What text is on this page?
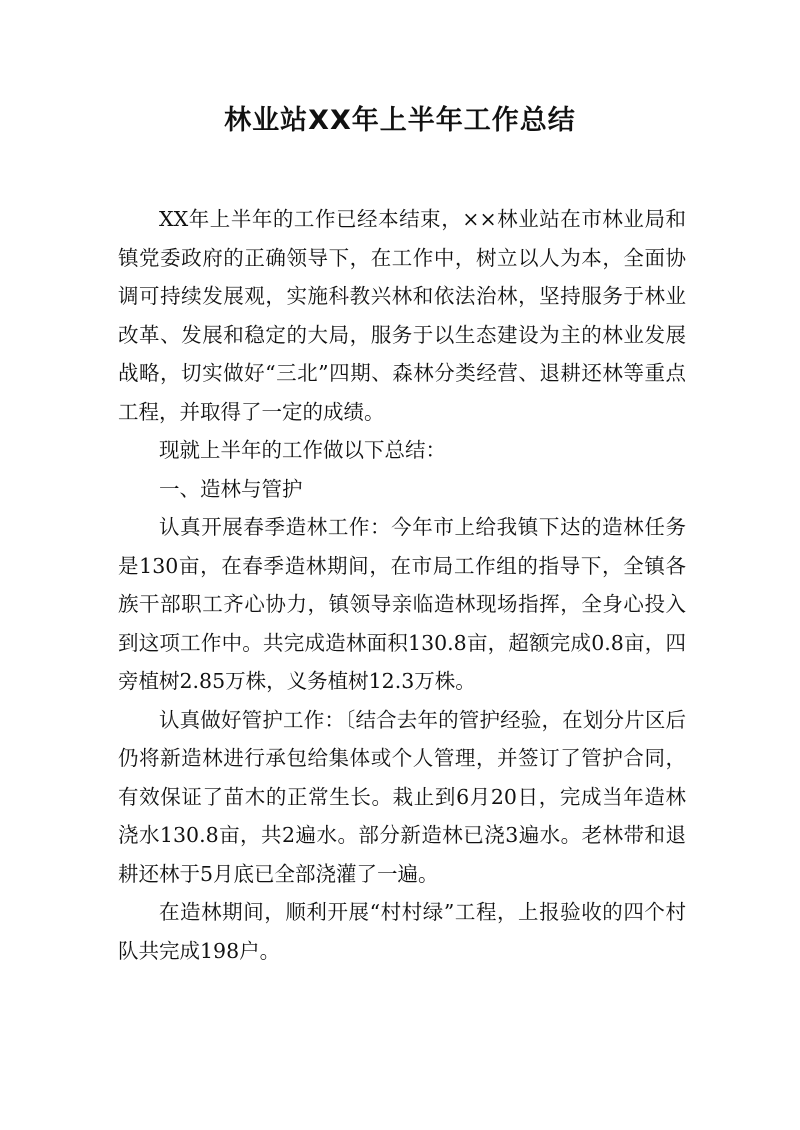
林业站XX年上半年工作总结

XX年上半年的工作已经本结束，××林业站在市林业局和镇党委政府的正确领导下，在工作中，树立以人为本，全面协调可持续发展观，实施科教兴林和依法治林，坚持服务于林业改革、发展和稳定的大局，服务于以生态建设为主的林业发展战略，切实做好“三北”四期、森林分类经营、退耕还林等重点工程，并取得了一定的成绩。

现就上半年的工作做以下总结：

一、造林与管护

认真开展春季造林工作：今年市上给我镇下达的造林任务是130亩，在春季造林期间，在市局工作组的指导下，全镇各族干部职工齐心协力，镇领导亲临造林现场指挥，全身心投入到这项工作中。共完成造林面积130.8亩，超额完成0.8亩，四旁植树2.85万株，义务植树12.3万株。

认真做好管护工作：〔结合去年的管护经验，在划分片区后仍将新造林进行承包给集体或个人管理，并签订了管护合同，有效保证了苗木的正常生长。栽止到6月20日，完成当年造林浇水130.8亩，共2遍水。部分新造林已浇3遍水。老林带和退耕还林于5月底已全部浇灌了一遍。

在造林期间，顺利开展“村村绿”工程，上报验收的四个村队共完成198户。
